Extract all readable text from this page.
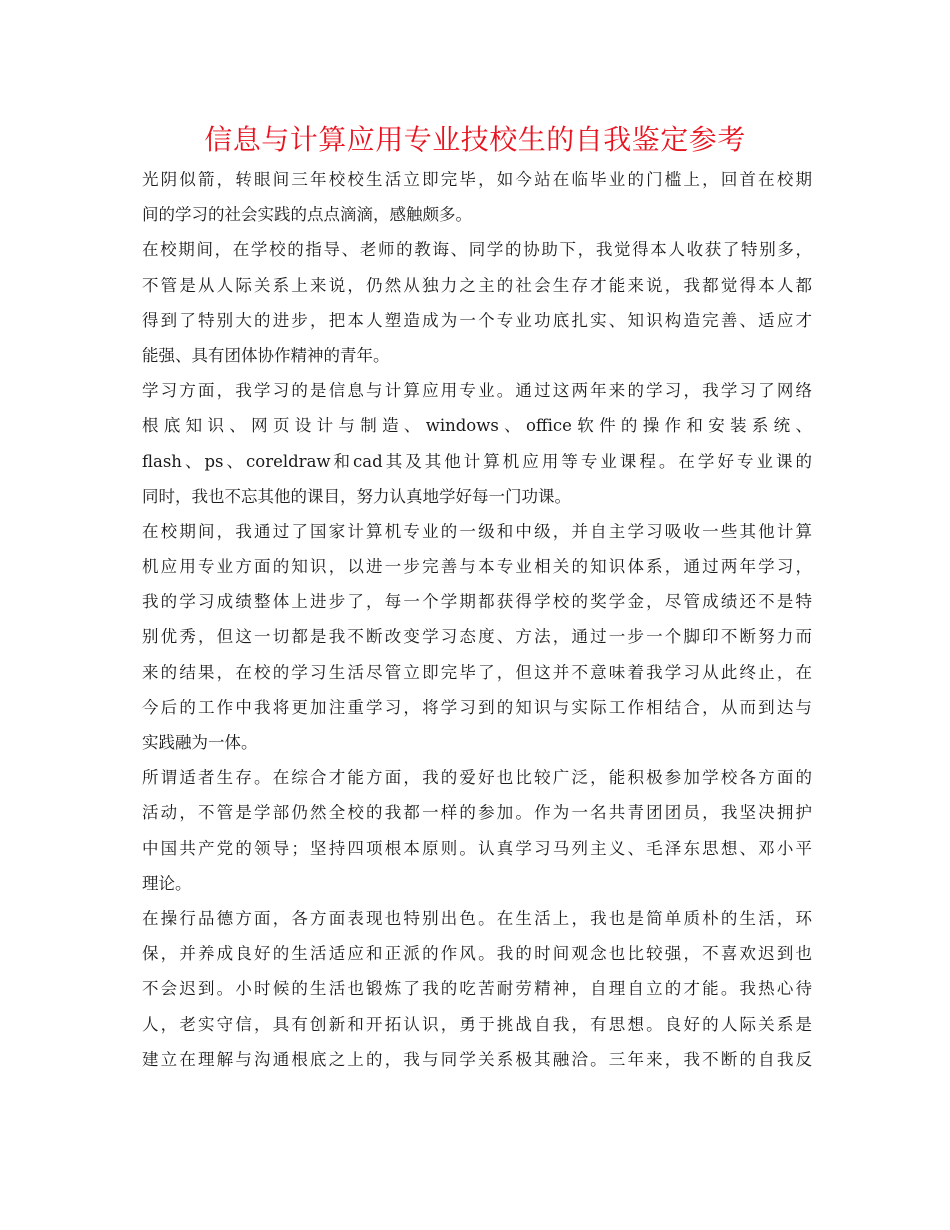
信息与计算应用专业技校生的自我鉴定参考
光阴似箭，转眼间三年校校生活立即完毕，如今站在临毕业的门槛上，回首在校期
间的学习的社会实践的点点滴滴，感触颇多。
在校期间，在学校的指导、老师的教诲、同学的协助下，我觉得本人收获了特别多，
不管是从人际关系上来说，仍然从独力之主的社会生存才能来说，我都觉得本人都
得到了特别大的进步，把本人塑造成为一个专业功底扎实、知识构造完善、适应才
能强、具有团体协作精神的青年。
学习方面，我学习的是信息与计算应用专业。通过这两年来的学习，我学习了网络
根底知识、网页设计与制造、windows、office软件的操作和安装系统、
flash、ps、coreldraw和cad其及其他计算机应用等专业课程。在学好专业课的
同时，我也不忘其他的课目，努力认真地学好每一门功课。
在校期间，我通过了国家计算机专业的一级和中级，并自主学习吸收一些其他计算
机应用专业方面的知识，以进一步完善与本专业相关的知识体系，通过两年学习，
我的学习成绩整体上进步了，每一个学期都获得学校的奖学金，尽管成绩还不是特
别优秀，但这一切都是我不断改变学习态度、方法，通过一步一个脚印不断努力而
来的结果，在校的学习生活尽管立即完毕了，但这并不意味着我学习从此终止，在
今后的工作中我将更加注重学习，将学习到的知识与实际工作相结合，从而到达与
实践融为一体。
所谓适者生存。在综合才能方面，我的爱好也比较广泛，能积极参加学校各方面的
活动，不管是学部仍然全校的我都一样的参加。作为一名共青团团员，我坚决拥护
中国共产党的领导；坚持四项根本原则。认真学习马列主义、毛泽东思想、邓小平
理论。
在操行品德方面，各方面表现也特别出色。在生活上，我也是简单质朴的生活，环
保，并养成良好的生活适应和正派的作风。我的时间观念也比较强，不喜欢迟到也
不会迟到。小时候的生活也锻炼了我的吃苦耐劳精神，自理自立的才能。我热心待
人，老实守信，具有创新和开拓认识，勇于挑战自我，有思想。良好的人际关系是
建立在理解与沟通根底之上的，我与同学关系极其融洽。三年来，我不断的自我反
